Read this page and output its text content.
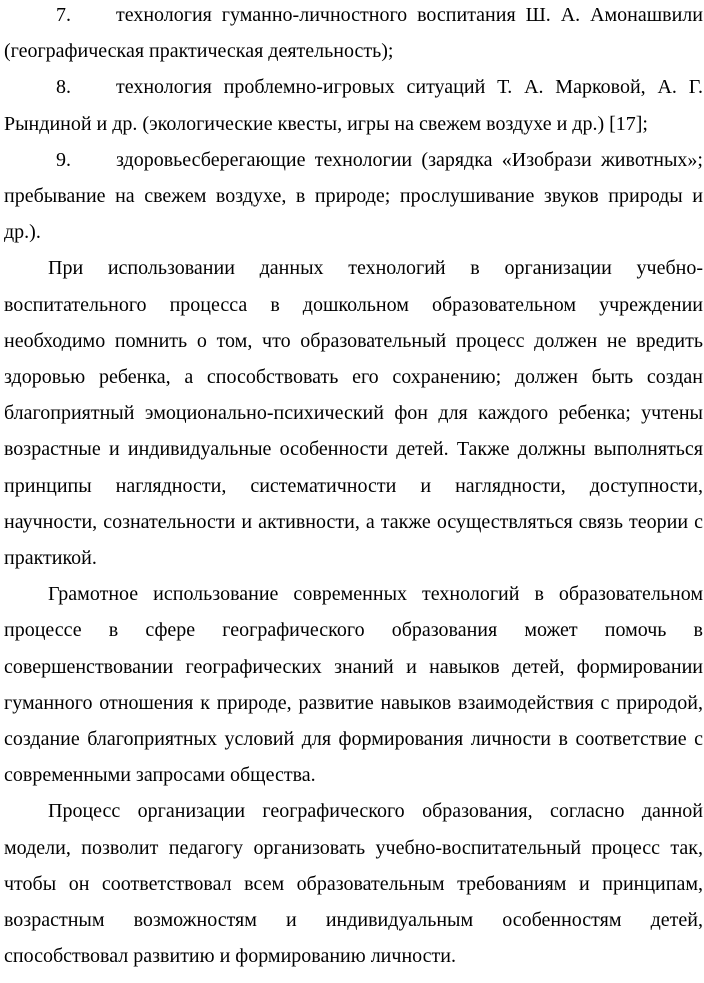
7. технология гуманно-личностного воспитания Ш. А. Амонашвили (географическая практическая деятельность);

8. технология проблемно-игровых ситуаций Т. А. Марковой, А. Г. Рындиной и др. (экологические квесты, игры на свежем воздухе и др.) [17];

9. здоровьесберегающие технологии (зарядка «Изобрази животных»; пребывание на свежем воздухе, в природе; прослушивание звуков природы и др.).

При использовании данных технологий в организации учебно-воспитательного процесса в дошкольном образовательном учреждении необходимо помнить о том, что образовательный процесс должен не вредить здоровью ребенка, а способствовать его сохранению; должен быть создан благоприятный эмоционально-психический фон для каждого ребенка; учтены возрастные и индивидуальные особенности детей. Также должны выполняться принципы наглядности, систематичности и наглядности, доступности, научности, сознательности и активности, а также осуществляться связь теории с практикой.

Грамотное использование современных технологий в образовательном процессе в сфере географического образования может помочь в совершенствовании географических знаний и навыков детей, формировании гуманного отношения к природе, развитие навыков взаимодействия с природой, создание благоприятных условий для формирования личности в соответствие с современными запросами общества.

Процесс организации географического образования, согласно данной модели, позволит педагогу организовать учебно-воспитательный процесс так, чтобы он соответствовал всем образовательным требованиям и принципам, возрастным возможностям и индивидуальным особенностям детей, способствовал развитию и формированию личности.
